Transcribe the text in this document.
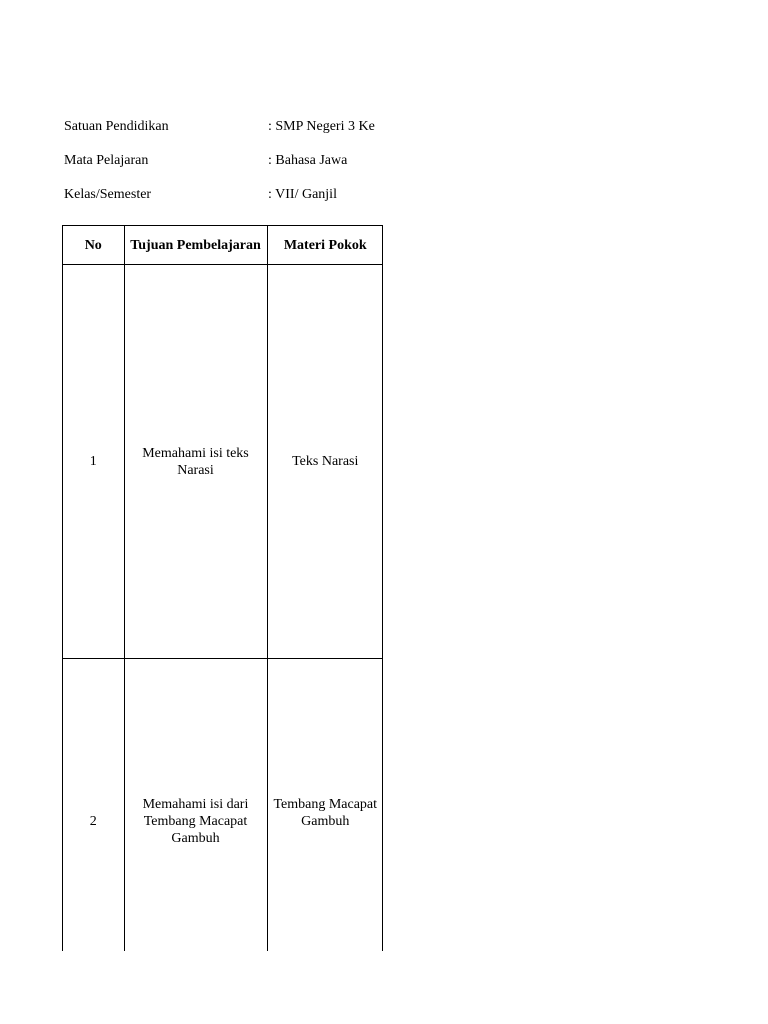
Satuan Pendidikan	: SMP Negeri 3 Ke
Mata Pelajaran	: Bahasa Jawa
Kelas/Semester	: VII/ Ganjil
No	Tujuan Pembelajaran	Materi Pokok

1	Memahami isi teks Narasi	Teks Narasi

2	Memahami isi dari Tembang Macapat Gambuh	Tembang Macapat Gambuh
